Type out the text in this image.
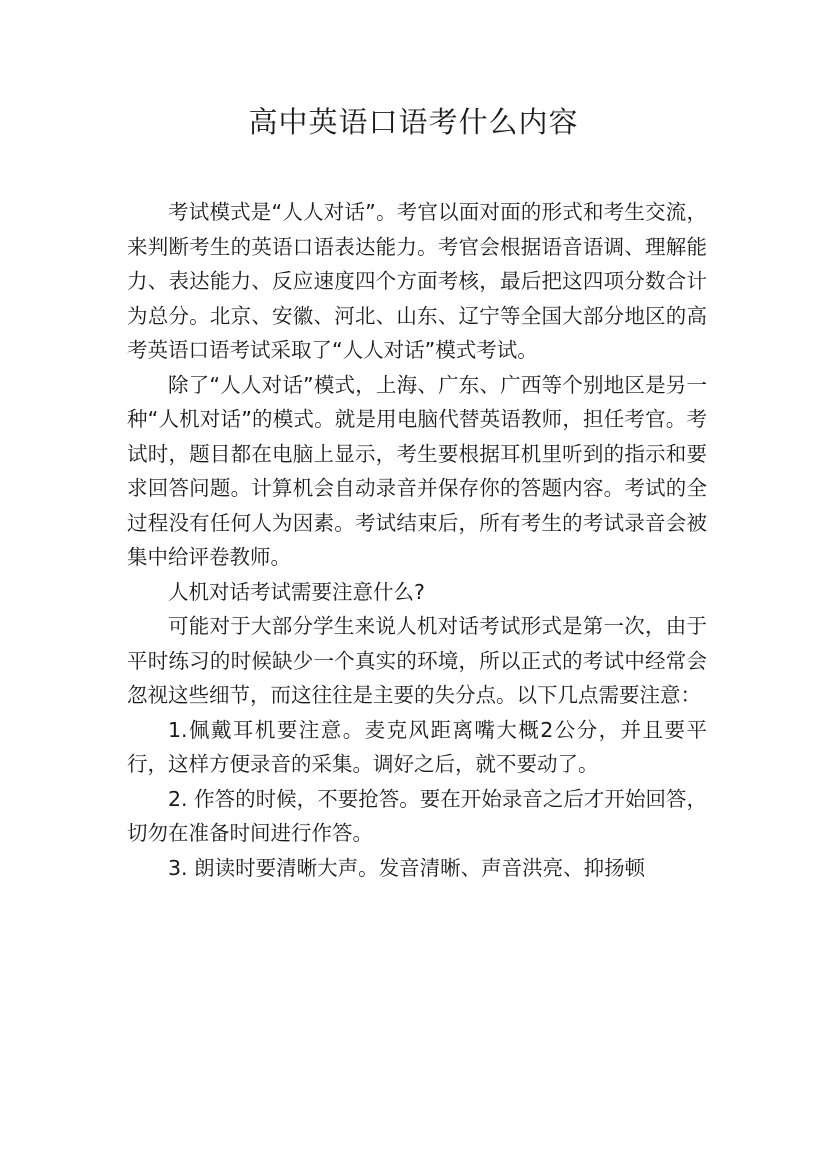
高中英语口语考什么内容

考试模式是“人人对话”。考官以面对面的形式和考生交流，来判断考生的英语口语表达能力。考官会根据语音语调、理解能力、表达能力、反应速度四个方面考核，最后把这四项分数合计为总分。北京、安徽、河北、山东、辽宁等全国大部分地区的高考英语口语考试采取了“人人对话”模式考试。

除了“人人对话”模式，上海、广东、广西等个别地区是另一种“人机对话”的模式。就是用电脑代替英语教师，担任考官。考试时，题目都在电脑上显示，考生要根据耳机里听到的指示和要求回答问题。计算机会自动录音并保存你的答题内容。考试的全过程没有任何人为因素。考试结束后，所有考生的考试录音会被集中给评卷教师。

人机对话考试需要注意什么?

可能对于大部分学生来说人机对话考试形式是第一次，由于平时练习的时候缺少一个真实的环境，所以正式的考试中经常会忽视这些细节，而这往往是主要的失分点。以下几点需要注意：

1.佩戴耳机要注意。麦克风距离嘴大概2公分，并且要平行，这样方便录音的采集。调好之后，就不要动了。

2. 作答的时候，不要抢答。要在开始录音之后才开始回答，切勿在准备时间进行作答。

3. 朗读时要清晰大声。发音清晰、声音洪亮、抑扬顿
